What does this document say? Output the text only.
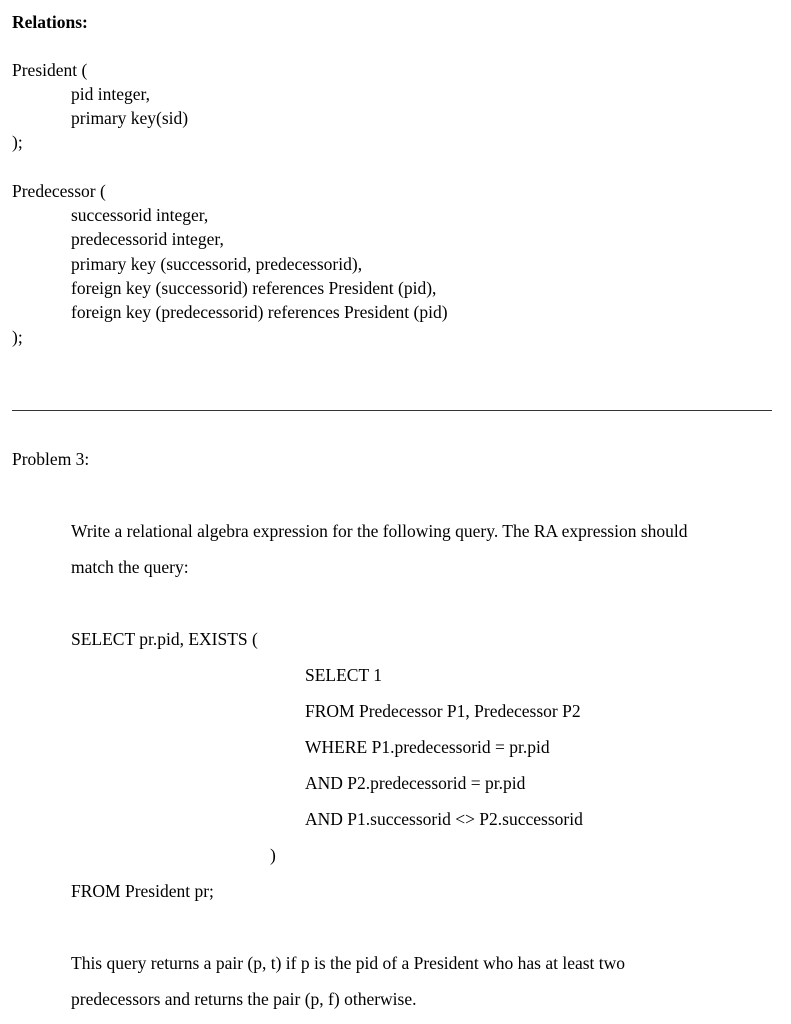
Relations:
President (
pid integer,
primary key(sid)
);
Predecessor (
successorid integer,
predecessorid integer,
primary key (successorid, predecessorid),
foreign key (successorid) references President (pid),
foreign key (predecessorid) references President (pid)
);
Problem 3:
Write a relational algebra expression for the following query. The RA expression should
match the query:
SELECT pr.pid, EXISTS (
SELECT 1
FROM Predecessor P1, Predecessor P2
WHERE P1.predecessorid = pr.pid
AND P2.predecessorid = pr.pid
AND P1.successorid <> P2.successorid
)
FROM President pr;
This query returns a pair (p, t) if p is the pid of a President who has at least two
predecessors and returns the pair (p, f) otherwise.
